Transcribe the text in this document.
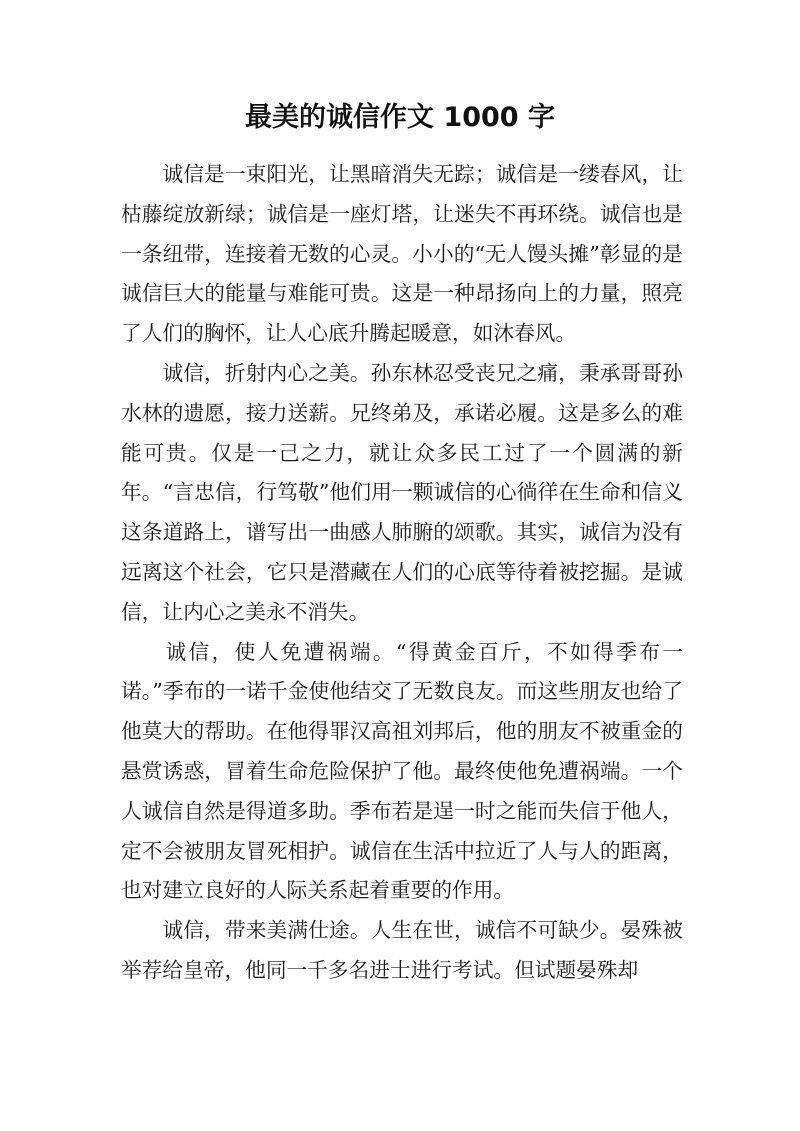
最美的诚信作文 1000 字

诚信是一束阳光，让黑暗消失无踪；诚信是一缕春风，让枯藤绽放新绿；诚信是一座灯塔，让迷失不再环绕。诚信也是一条纽带，连接着无数的心灵。小小的“无人馒头摊”彰显的是诚信巨大的能量与难能可贵。这是一种昂扬向上的力量，照亮了人们的胸怀，让人心底升腾起暖意，如沐春风。

诚信，折射内心之美。孙东林忍受丧兄之痛，秉承哥哥孙水林的遗愿，接力送薪。兄终弟及，承诺必履。这是多么的难能可贵。仅是一己之力，就让众多民工过了一个圆满的新年。“言忠信，行笃敬”他们用一颗诚信的心徜徉在生命和信义这条道路上，谱写出一曲感人肺腑的颂歌。其实，诚信为没有远离这个社会，它只是潜藏在人们的心底等待着被挖掘。是诚信，让内心之美永不消失。

诚信，使人免遭祸端。“得黄金百斤，不如得季布一诺。”季布的一诺千金使他结交了无数良友。而这些朋友也给了他莫大的帮助。在他得罪汉高祖刘邦后，他的朋友不被重金的悬赏诱惑，冒着生命危险保护了他。最终使他免遭祸端。一个人诚信自然是得道多助。季布若是逞一时之能而失信于他人，定不会被朋友冒死相护。诚信在生活中拉近了人与人的距离，也对建立良好的人际关系起着重要的作用。

诚信，带来美满仕途。人生在世，诚信不可缺少。晏殊被举荐给皇帝，他同一千多名进士进行考试。但试题晏殊却
